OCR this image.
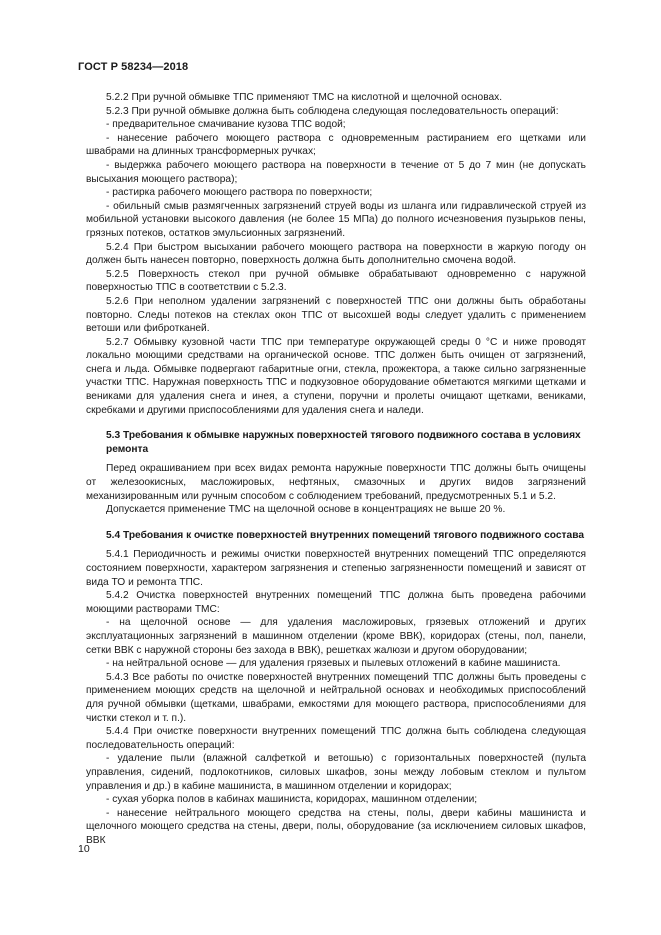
ГОСТ Р 58234—2018
5.2.2 При ручной обмывке ТПС применяют ТМС на кислотной и щелочной основах.
5.2.3 При ручной обмывке должна быть соблюдена следующая последовательность операций:
- предварительное смачивание кузова ТПС водой;
- нанесение рабочего моющего раствора с одновременным растиранием его щетками или швабрами на длинных трансформерных ручках;
- выдержка рабочего моющего раствора на поверхности в течение от 5 до 7 мин (не допускать высыхания моющего раствора);
- растирка рабочего моющего раствора по поверхности;
- обильный смыв размягченных загрязнений струей воды из шланга или гидравлической струей из мобильной установки высокого давления (не более 15 МПа) до полного исчезновения пузырьков пены, грязных потеков, остатков эмульсионных загрязнений.
5.2.4 При быстром высыхании рабочего моющего раствора на поверхности в жаркую погоду он должен быть нанесен повторно, поверхность должна быть дополнительно смочена водой.
5.2.5 Поверхность стекол при ручной обмывке обрабатывают одновременно с наружной поверхностью ТПС в соответствии с 5.2.3.
5.2.6 При неполном удалении загрязнений с поверхностей ТПС они должны быть обработаны повторно. Следы потеков на стеклах окон ТПС от высохшей воды следует удалить с применением ветоши или фибротканей.
5.2.7 Обмывку кузовной части ТПС при температуре окружающей среды 0 °С и ниже проводят локально моющими средствами на органической основе. ТПС должен быть очищен от загрязнений, снега и льда. Обмывке подвергают габаритные огни, стекла, прожектора, а также сильно загрязненные участки ТПС. Наружная поверхность ТПС и подкузовное оборудование обметаются мягкими щетками и вениками для удаления снега и инея, а ступени, поручни и пролеты очищают щетками, вениками, скребками и другими приспособлениями для удаления снега и наледи.
5.3 Требования к обмывке наружных поверхностей тягового подвижного состава в условиях ремонта
Перед окрашиванием при всех видах ремонта наружные поверхности ТПС должны быть очищены от железоокисных, масложировых, нефтяных, смазочных и других видов загрязнений механизированным или ручным способом с соблюдением требований, предусмотренных 5.1 и 5.2.
Допускается применение ТМС на щелочной основе в концентрациях не выше 20 %.
5.4 Требования к очистке поверхностей внутренних помещений тягового подвижного состава
5.4.1 Периодичность и режимы очистки поверхностей внутренних помещений ТПС определяются состоянием поверхности, характером загрязнения и степенью загрязненности помещений и зависят от вида ТО и ремонта ТПС.
5.4.2 Очистка поверхностей внутренних помещений ТПС должна быть проведена рабочими моющими растворами ТМС:
- на щелочной основе — для удаления масложировых, грязевых отложений и других эксплуатационных загрязнений в машинном отделении (кроме ВВК), коридорах (стены, пол, панели, сетки ВВК с наружной стороны без захода в ВВК), решетках жалюзи и другом оборудовании;
- на нейтральной основе — для удаления грязевых и пылевых отложений в кабине машиниста.
5.4.3 Все работы по очистке поверхностей внутренних помещений ТПС должны быть проведены с применением моющих средств на щелочной и нейтральной основах и необходимых приспособлений для ручной обмывки (щетками, швабрами, емкостями для моющего раствора, приспособлениями для чистки стекол и т. п.).
5.4.4 При очистке поверхности внутренних помещений ТПС должна быть соблюдена следующая последовательность операций:
- удаление пыли (влажной салфеткой и ветошью) с горизонтальных поверхностей (пульта управления, сидений, подлокотников, силовых шкафов, зоны между лобовым стеклом и пультом управления и др.) в кабине машиниста, в машинном отделении и коридорах;
- сухая уборка полов в кабинах машиниста, коридорах, машинном отделении;
- нанесение нейтрального моющего средства на стены, полы, двери кабины машиниста и щелочного моющего средства на стены, двери, полы, оборудование (за исключением силовых шкафов, ВВК
10
